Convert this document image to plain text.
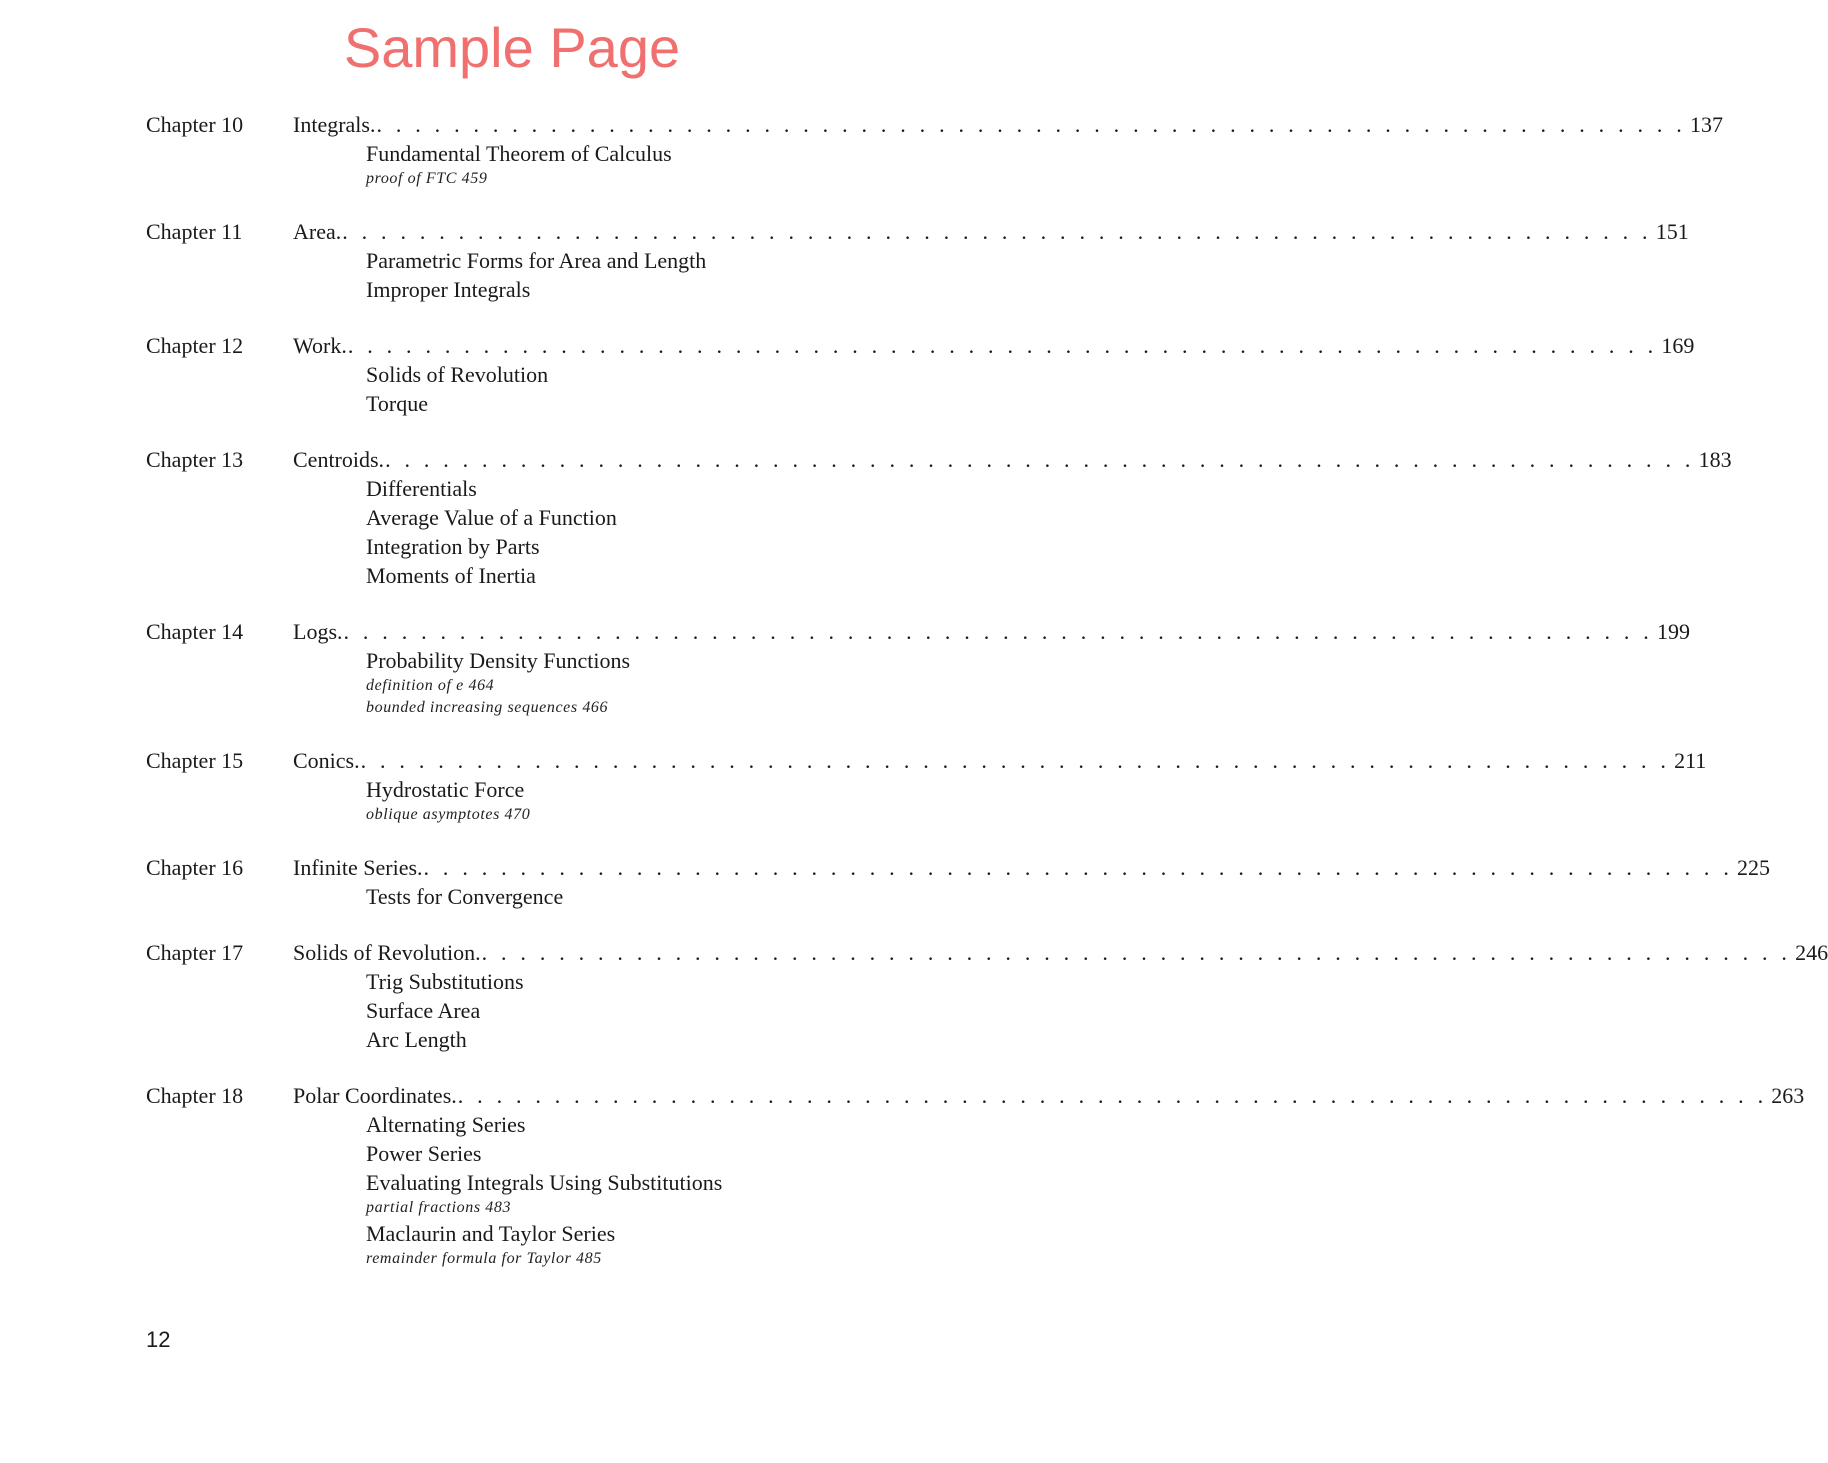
Sample Page
Chapter 10	Integrals. . . . . . . . . . . . . . . . . . . . . . . . . . . . . . . . . . . . . . . . . . . . . . . . . . . . . . . . . . . . . . . . . . . . . 137
Fundamental Theorem of Calculus
proof of FTC 459
Chapter 11	Area. . . . . . . . . . . . . . . . . . . . . . . . . . . . . . . . . . . . . . . . . . . . . . . . . . . . . . . . . . . . . . . . . . . . . 151
Parametric Forms for Area and Length
Improper Integrals
Chapter 12	Work. . . . . . . . . . . . . . . . . . . . . . . . . . . . . . . . . . . . . . . . . . . . . . . . . . . . . . . . . . . . . . . . . . . . . 169
Solids of Revolution
Torque
Chapter 13	Centroids. . . . . . . . . . . . . . . . . . . . . . . . . . . . . . . . . . . . . . . . . . . . . . . . . . . . . . . . . . . . . . . . . . . . . 183
Differentials
Average Value of a Function
Integration by Parts
Moments of Inertia
Chapter 14	Logs. . . . . . . . . . . . . . . . . . . . . . . . . . . . . . . . . . . . . . . . . . . . . . . . . . . . . . . . . . . . . . . . . . . . . 199
Probability Density Functions
definition of e 464
bounded increasing sequences 466
Chapter 15	Conics. . . . . . . . . . . . . . . . . . . . . . . . . . . . . . . . . . . . . . . . . . . . . . . . . . . . . . . . . . . . . . . . . . . . . 211
Hydrostatic Force
oblique asymptotes 470
Chapter 16	Infinite Series. . . . . . . . . . . . . . . . . . . . . . . . . . . . . . . . . . . . . . . . . . . . . . . . . . . . . . . . . . . . . . . . . . . . . 225
Tests for Convergence
Chapter 17	Solids of Revolution. . . . . . . . . . . . . . . . . . . . . . . . . . . . . . . . . . . . . . . . . . . . . . . . . . . . . . . . . . . . . . . . . . . . . 246
Trig Substitutions
Surface Area
Arc Length
Chapter 18	Polar Coordinates. . . . . . . . . . . . . . . . . . . . . . . . . . . . . . . . . . . . . . . . . . . . . . . . . . . . . . . . . . . . . . . . . . . . . 263
Alternating Series
Power Series
Evaluating Integrals Using Substitutions
partial fractions 483
Maclaurin and Taylor Series
remainder formula for Taylor 485
12
